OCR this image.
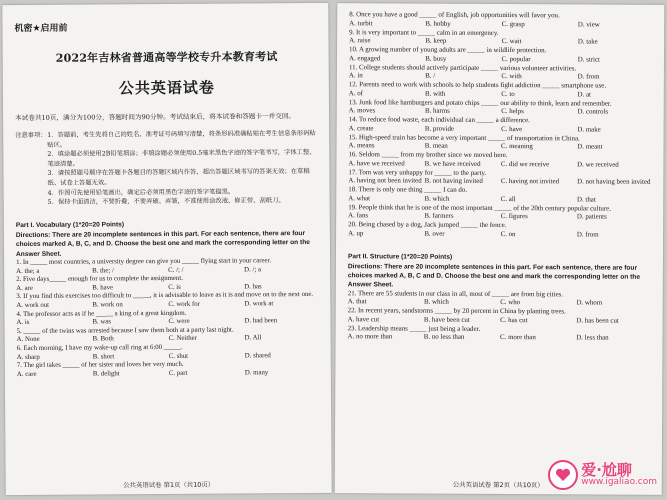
机密★启用前
2022年吉林省普通高等学校专升本教育考试
公共英语试卷
本试卷共10页，满分为100分，答题时间为90分钟。考试结束后，将本试卷和答题卡一并交回。
注意事项： 1．答题前，考生先将自己的姓名、准考证号码填写清楚，将条形码准确粘贴在考生信息条形码粘贴区。
2．填涂题必须使用2B铅笔填涂；非填涂题必须使用0.5毫米黑色字迹的签字笔书写，字体工整、笔迹清楚。
3．请按照题号顺序在答题卡各题目的答题区域内作答，超出答题区域书写的答案无效；在草稿纸、试卷上答题无效。
4．作图可先使用铅笔画出，确定后必须用黑色字迹的签字笔描黑。
5．保持卡面清洁，不要折叠，不要弄破、弄皱，不准使用涂改液、修正带、刮纸刀。
Part I. Vocabulary (1*20=20 Points)
Directions: There are 20 incomplete sentences in this part. For each sentence, there are four choices marked A, B, C, and D. Choose the best one and mark the corresponding letter on the Answer Sheet.
1. In _____ most countries, a university degree can give you _____ flying start in your career.
A. the; a	B. the; /	C. /; /	D. /; a
2. Five days_____ enough for us to complete the assignment.
A. are	B. have	C. is	D. has
3. If you find this exercises too difficult to _____, it is advisable to leave as it is and move on to the next one.
A. work out	B. work on	C. work for	D. work at
4. The professor acts as if he _____ a king of a great kingdom.
A. is	B. was	C. were	D. had been
5. _____ of the twins was arrested because I saw them both at a party last night.
A. None	B. Both	C. Neither	D. All
6. Each morning, I have my wake-up call ring at 6:00 _____.
A. sharp	B. short	C. shut	D. shared
7. The girl takes _____ of her sister and loves her very much.
A. care	B. delight	C. part	D. many
公共英语试卷 第1页（共10页）
8. Once you have a good _____ of English, job opportunities will favor you.
A. turbit	B. hobby	C. grasp	D. view
9. It is very important to _____ calm in an emergency.
A. raise	B. keep	C. wait	D. take
10. A growing number of young adults are _____ in wildlife protection.
A. engaged	B. busy	C. popular	D. strict
11. College students should actively participate _____ various volunteer activities.
A. in	B. /	C. with	D. from
12. Parents need to work with schools to help students fight addiction _____ smartphone use.
A. of	B. with	C. to	D. at
13. Junk food like hamburgers and potato chips _____ our ability to think, learn and remember.
A. moves	B. harms	C. helps	D. controls
14. To reduce food waste, each individual can _____ a difference.
A. create	B. provide	C. have	D. make
15. High-speed train has become a very important _____ of transportation in China.
A. means	B. mean	C. meaning	D. meant
16. Seldom _____ from my brother since we moved here.
A. have we received	B. we have received	C. did we receive	D. we received
17. Tom was very unhappy for _____ to the party.
A. having not been invited B. not having invited	C. having not invited	D. not having been invited
18. There is only one thing _____ I can do.
A. what	B. which	C. all	D. that
19. People think that he is one of the most important _____ of the 20th century popular culture.
A. fans	B. farmers	C. figures	D. patients
20. Being chased by a dog, Jack jumped _____ the fence.
A. up	B. over	C. on	D. from
Part II. Structure (1*20=20 Points)
Directions: There are 20 incomplete sentences in this part. For each sentence, there are four choices marked A, B, C and D. Choose the best one and mark the corresponding letter on the Answer Sheet.
21. There are 55 students in our class in all, most of _____ are from big cities.
A. that	B. which	C. who	D. whom
22. In recent years, sandstorms _____ by 20 percent in China by planting trees.
A. have cut	B. have been cut	C. has cut	D. has been cut
23. Leadership means _____ just being a leader.
A. no more than	B. no less than	C. more than	D. less than
公共英语试卷 第2页（共10页）
爱·尬聊
www.igaliao.com
